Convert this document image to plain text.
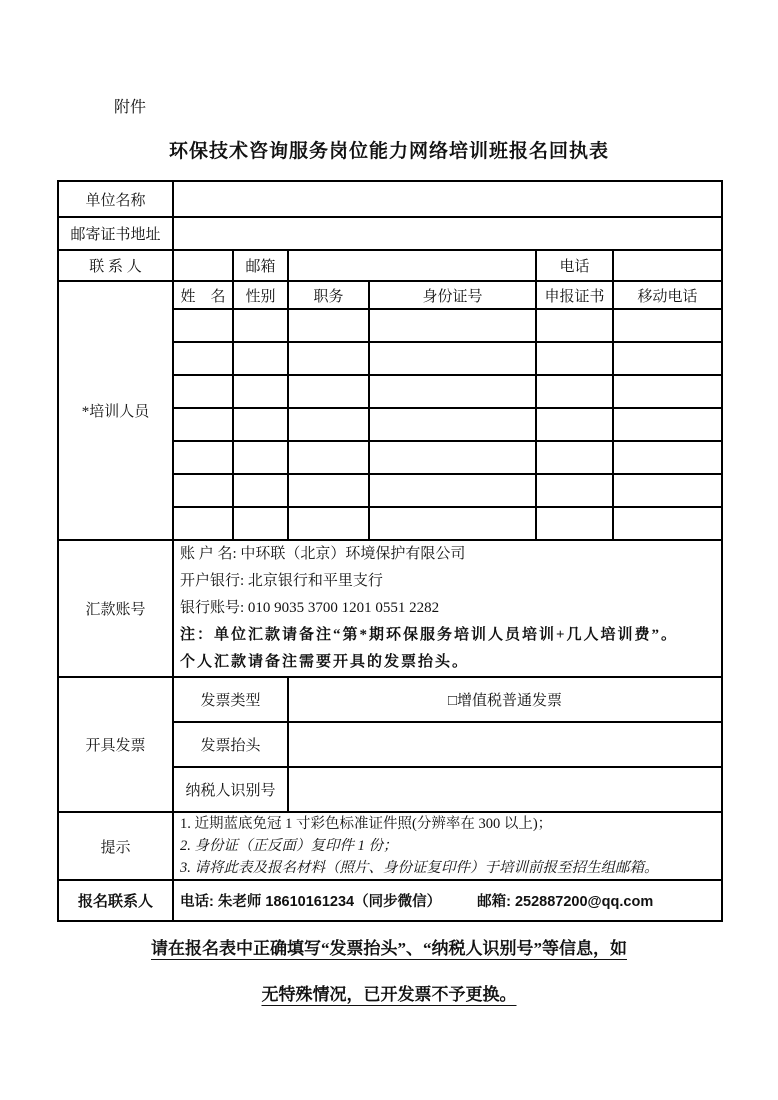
附件
环保技术咨询服务岗位能力网络培训班报名回执表
单位名称						
邮寄证书地址						
联 系 人		邮箱			电话	
*培训人员	姓　名	性别	职务	身份证号	申报证书	移动电话

汇款账号	账 户 名: 中环联（北京）环境保护有限公司
开户银行: 北京银行和平里支行
银行账号: 010 9035 3700 1201 0551 2282
注：单位汇款请备注“第*期环保服务培训人员培训+几人培训费”。
个人汇款请备注需要开具的发票抬头。					

开具发票	发票类型		□增值税普通发票			
	发票抬头					
	纳税人识别号					
提示	1. 近期蓝底免冠 1 寸彩色标准证件照(分辨率在 300 以上)；
2. 身份证（正反面）复印件 1 份；
3. 请将此表及报名材料（照片、身份证复印件）于培训前报至招生组邮箱。					

报名联系人	电话: 朱老师 18610161234（同步微信） 邮箱: 252887200@qq.com					
请在报名表中正确填写“发票抬头”、“纳税人识别号”等信息，如 无特殊情况，已开发票不予更换。
